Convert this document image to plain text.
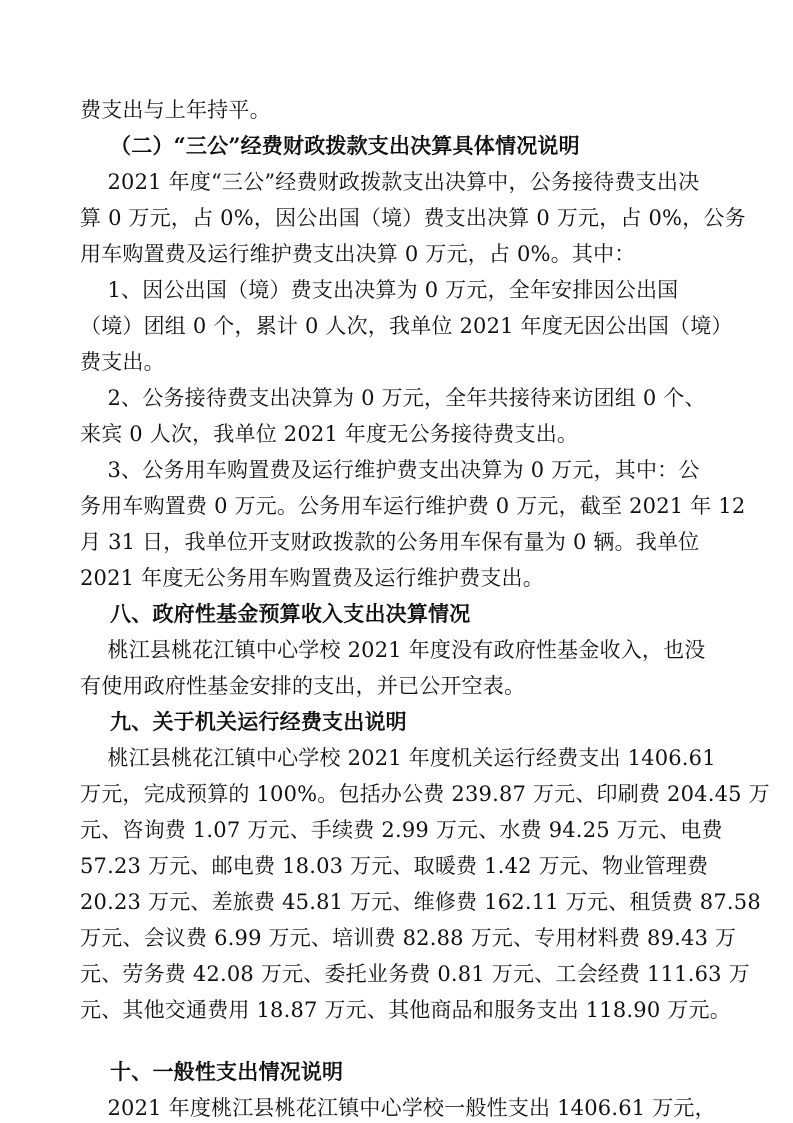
费支出与上年持平。
（二）“三公”经费财政拨款支出决算具体情况说明
2021 年度“三公”经费财政拨款支出决算中，公务接待费支出决
算 0 万元，占 0%，因公出国（境）费支出决算 0 万元，占 0%，公务
用车购置费及运行维护费支出决算 0 万元，占 0%。其中：
1、因公出国（境）费支出决算为 0 万元，全年安排因公出国
（境）团组 0 个，累计 0 人次，我单位 2021 年度无因公出国（境）
费支出。
2、公务接待费支出决算为 0 万元，全年共接待来访团组 0 个、
来宾 0 人次，我单位 2021 年度无公务接待费支出。
3、公务用车购置费及运行维护费支出决算为 0 万元，其中：公
务用车购置费 0 万元。公务用车运行维护费 0 万元，截至 2021 年 12
月 31 日，我单位开支财政拨款的公务用车保有量为 0 辆。我单位
2021 年度无公务用车购置费及运行维护费支出。
八、政府性基金预算收入支出决算情况
桃江县桃花江镇中心学校 2021 年度没有政府性基金收入，也没
有使用政府性基金安排的支出，并已公开空表。
九、关于机关运行经费支出说明
桃江县桃花江镇中心学校 2021 年度机关运行经费支出 1406.61
万元，完成预算的 100%。包括办公费 239.87 万元、印刷费 204.45 万
元、咨询费 1.07 万元、手续费 2.99 万元、水费 94.25 万元、电费
57.23 万元、邮电费 18.03 万元、取暖费 1.42 万元、物业管理费
20.23 万元、差旅费 45.81 万元、维修费 162.11 万元、租赁费 87.58
万元、会议费 6.99 万元、培训费 82.88 万元、专用材料费 89.43 万
元、劳务费 42.08 万元、委托业务费 0.81 万元、工会经费 111.63 万
元、其他交通费用 18.87 万元、其他商品和服务支出 118.90 万元。
十、一般性支出情况说明
2021 年度桃江县桃花江镇中心学校一般性支出 1406.61 万元，
